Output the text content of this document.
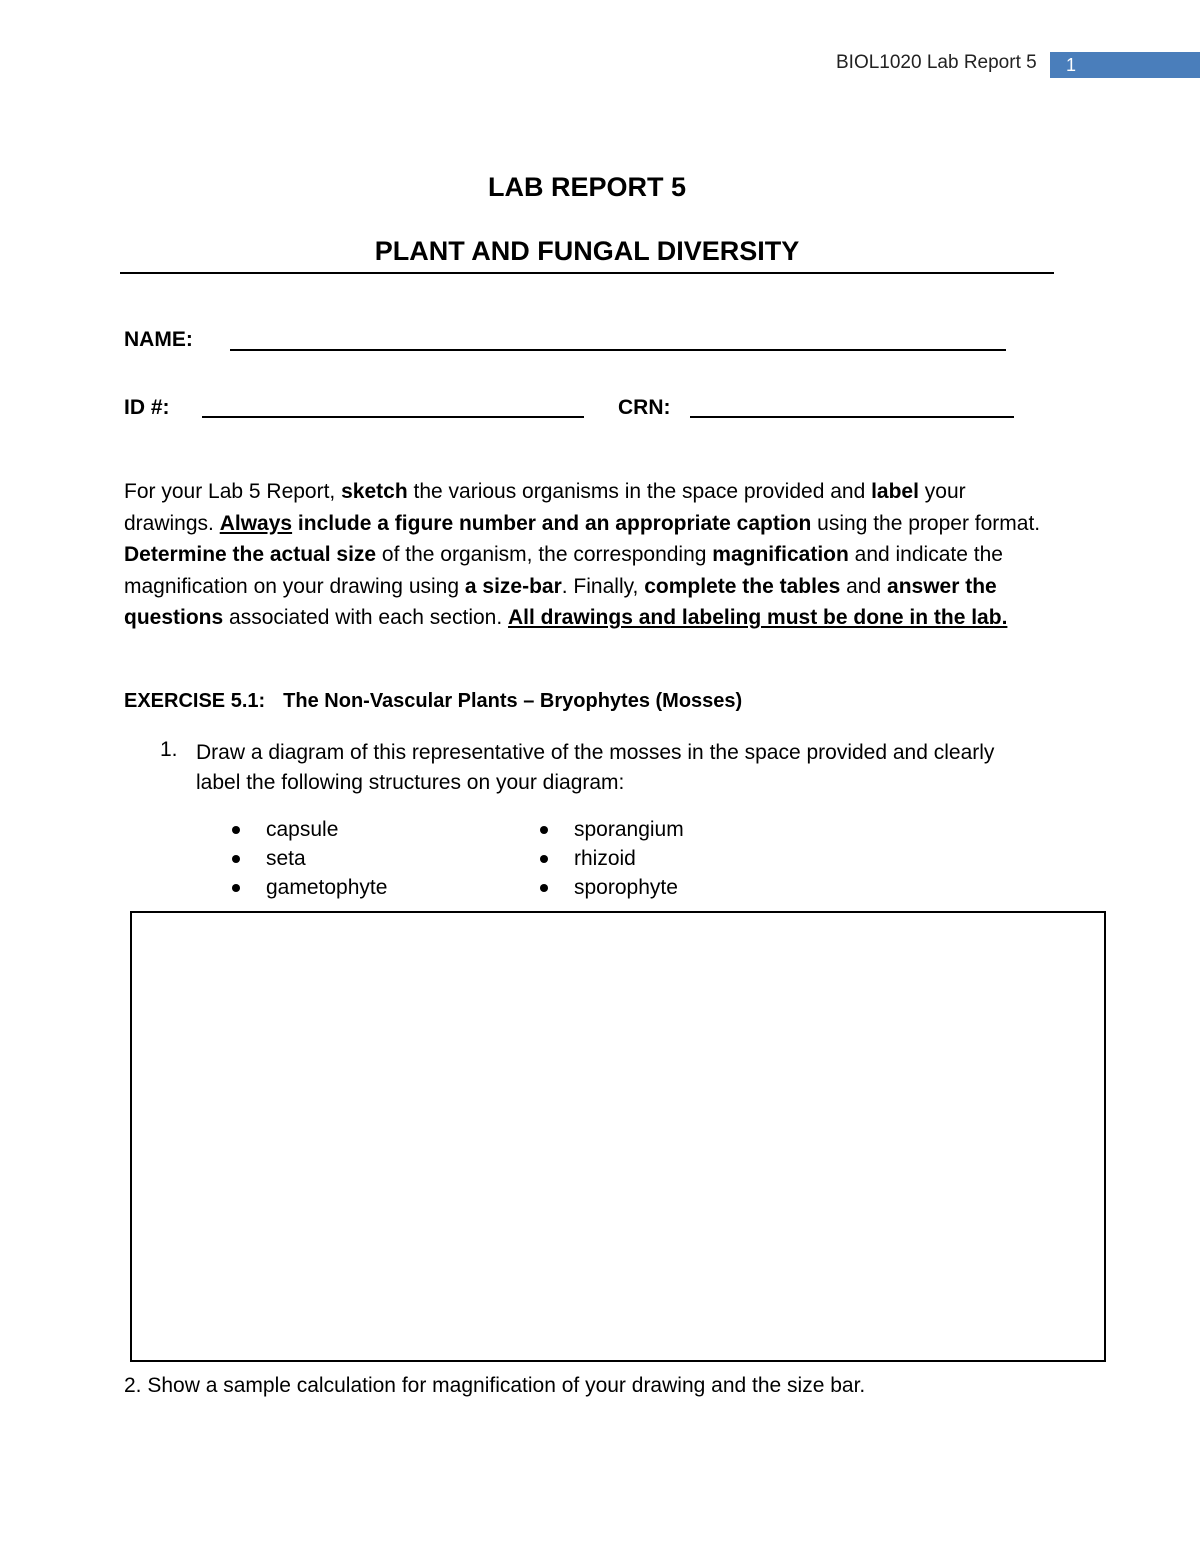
BIOL1020 Lab Report 5	1
LAB REPORT 5
PLANT AND FUNGAL DIVERSITY
NAME:
ID #:	CRN:
For your Lab 5 Report, sketch the various organisms in the space provided and label your drawings. Always include a figure number and an appropriate caption using the proper format. Determine the actual size of the organism, the corresponding magnification and indicate the magnification on your drawing using a size-bar. Finally, complete the tables and answer the questions associated with each section. All drawings and labeling must be done in the lab.
EXERCISE 5.1: The Non-Vascular Plants – Bryophytes (Mosses)
1. Draw a diagram of this representative of the mosses in the space provided and clearly label the following structures on your diagram:
capsule
seta
gametophyte
sporangium
rhizoid
sporophyte
2. Show a sample calculation for magnification of your drawing and the size bar.
